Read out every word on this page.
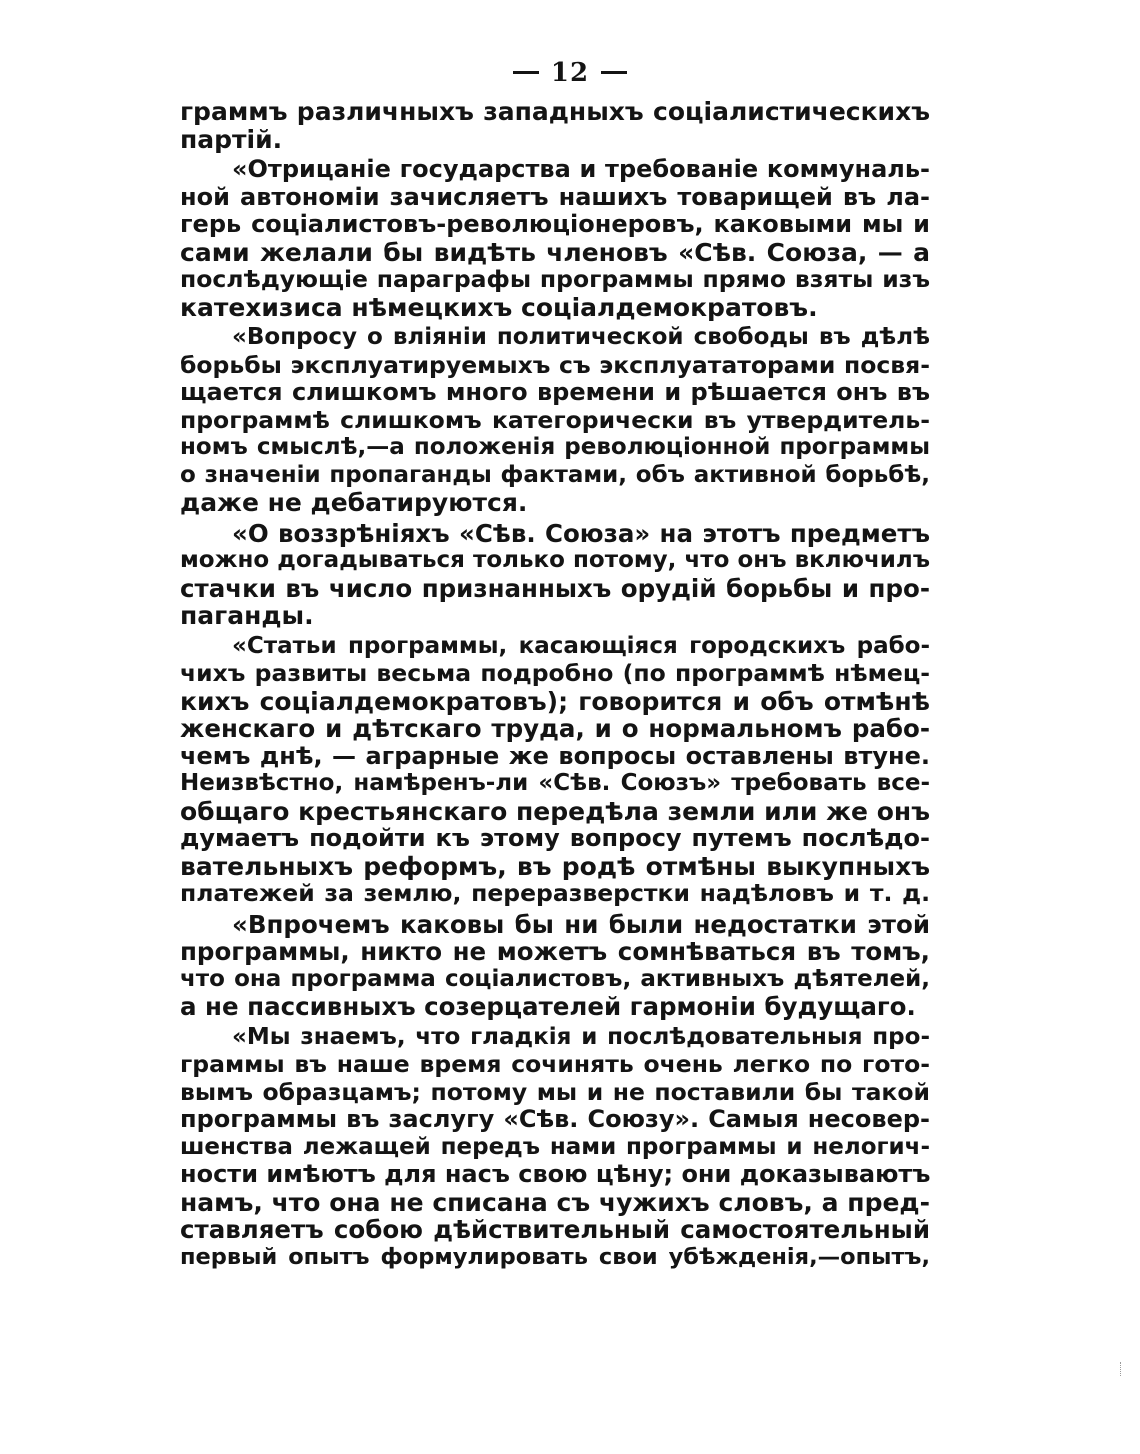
12
граммъ различныхъ западныхъ соціалистическихъ
партій.
«Отрицаніе государства и требованіе коммуналь-
ной автономіи зачисляетъ нашихъ товарищей въ ла-
герь соціалистовъ-революціонеровъ, каковыми мы и
сами желали бы видѣть членовъ «Сѣв. Союза, — а
послѣдующіе параграфы программы прямо взяты изъ
катехизиса нѣмецкихъ соціалдемократовъ.
«Вопросу о вліяніи политической свободы въ дѣлѣ
борьбы эксплуатируемыхъ съ эксплуататорами посвя-
щается слишкомъ много времени и рѣшается онъ въ
программѣ слишкомъ категорически въ утвердитель-
номъ смыслѣ,—а положенія революціонной программы
о значеніи пропаганды фактами, объ активной борьбѣ,
даже не дебатируются.
«О воззрѣніяхъ «Сѣв. Союза» на этотъ предметъ
можно догадываться только потому, что онъ включилъ
стачки въ число признанныхъ орудій борьбы и про-
паганды.
«Статьи программы, касающіяся городскихъ рабо-
чихъ развиты весьма подробно (по программѣ нѣмец-
кихъ соціалдемократовъ); говорится и объ отмѣнѣ
женскаго и дѣтскаго труда, и о нормальномъ рабо-
чемъ днѣ, — аграрные же вопросы оставлены втуне.
Неизвѣстно, намѣренъ-ли «Сѣв. Союзъ» требовать все-
общаго крестьянскаго передѣла земли или же онъ
думаетъ подойти къ этому вопросу путемъ послѣдо-
вательныхъ реформъ, въ родѣ отмѣны выкупныхъ
платежей за землю, переразверстки надѣловъ и т. д.
«Впрочемъ каковы бы ни были недостатки этой
программы, никто не можетъ сомнѣваться въ томъ,
что она программа соціалистовъ, активныхъ дѣятелей,
а не пассивныхъ созерцателей гармоніи будущаго.
«Мы знаемъ, что гладкія и послѣдовательныя про-
граммы въ наше время сочинять очень легко по гото-
вымъ образцамъ; потому мы и не поставили бы такой
программы въ заслугу «Сѣв. Союзу». Самыя несовер-
шенства лежащей передъ нами программы и нелогич-
ности имѣютъ для насъ свою цѣну; они доказываютъ
намъ, что она не списана съ чужихъ словъ, а пред-
ставляетъ собою дѣйствительный самостоятельный
первый опытъ формулировать свои убѣжденія,—опытъ,
